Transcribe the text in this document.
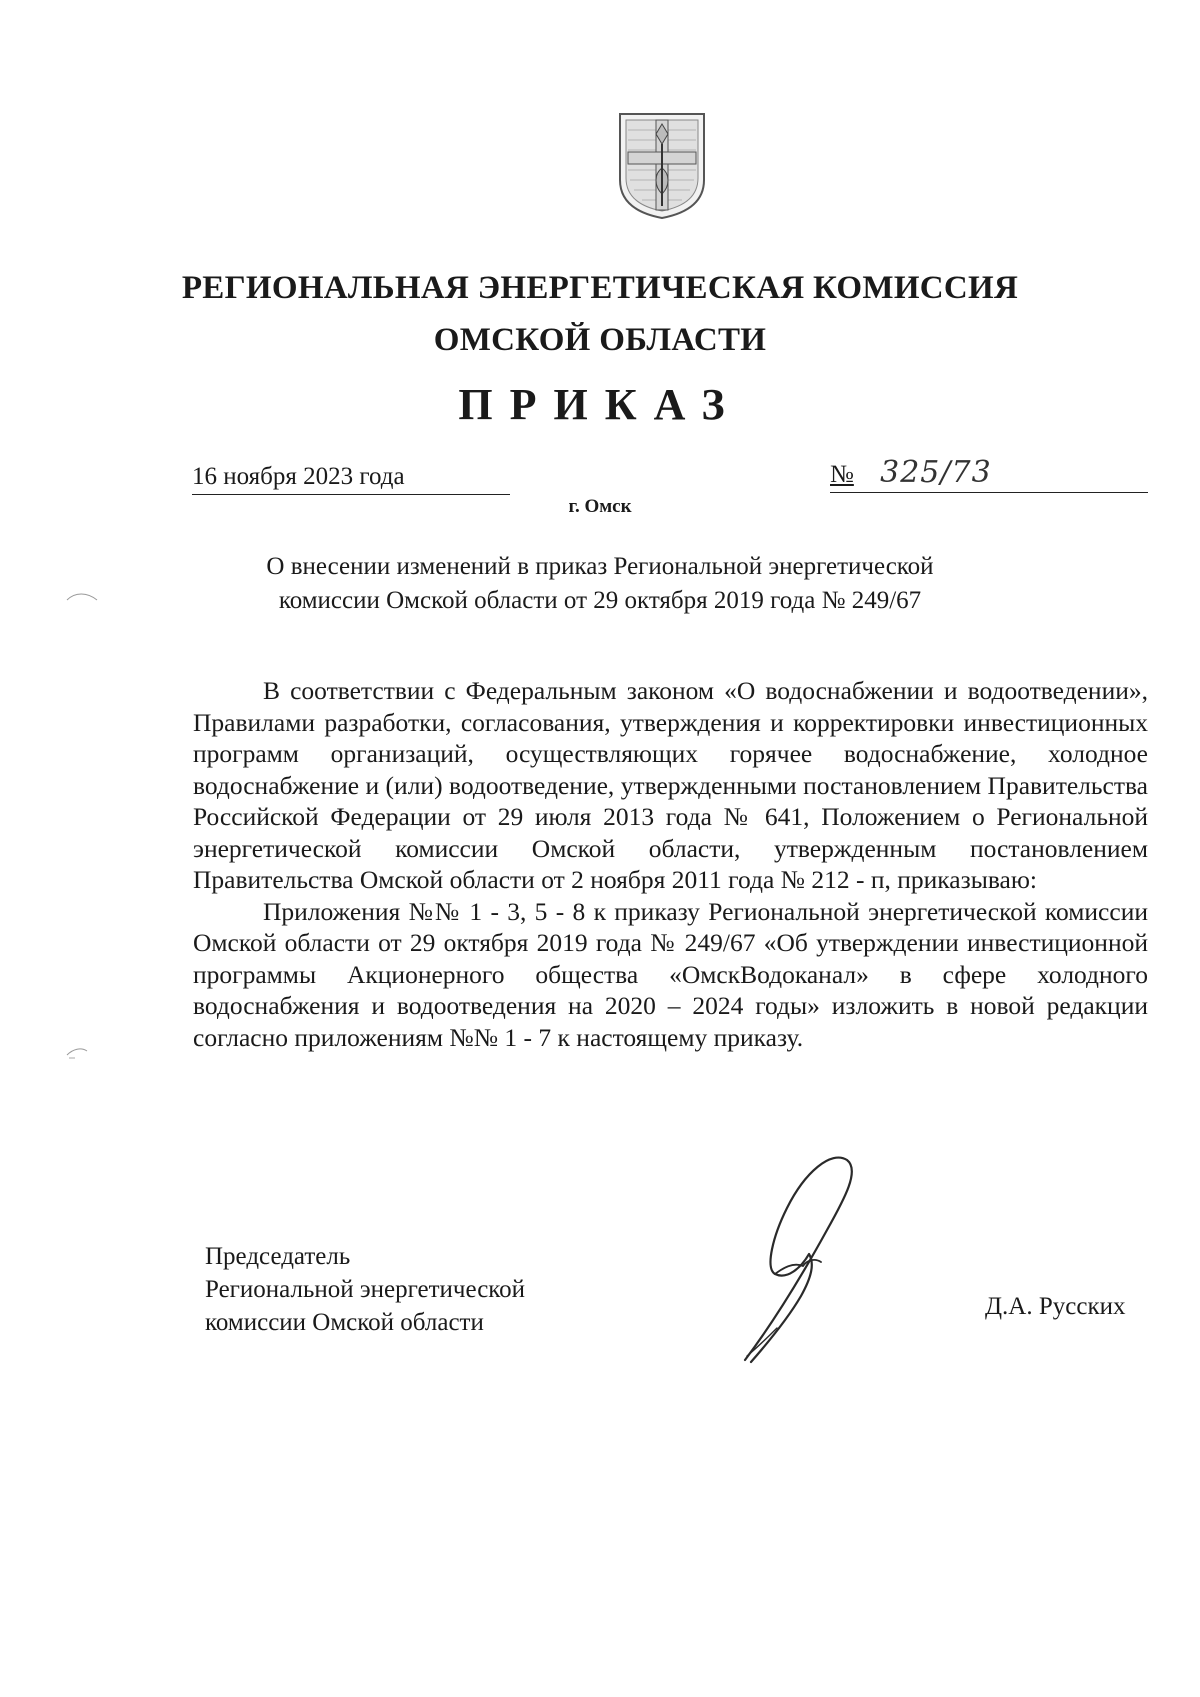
РЕГИОНАЛЬНАЯ ЭНЕРГЕТИЧЕСКАЯ КОМИССИЯ
ОМСКОЙ ОБЛАСТИ
ПРИКАЗ
16 ноября 2023 года	№ 325/73
г. Омск
О внесении изменений в приказ Региональной энергетической
комиссии Омской области от 29 октября 2019 года № 249/67

В соответствии с Федеральным законом «О водоснабжении и водоотведении», Правилами разработки, согласования, утверждения и корректировки инвестиционных программ организаций, осуществляющих горячее водоснабжение, холодное водоснабжение и (или) водоотведение, утвержденными постановлением Правительства Российской Федерации от 29 июля 2013 года № 641, Положением о Региональной энергетической комиссии Омской области, утвержденным постановлением Правительства Омской области от 2 ноября 2011 года № 212 - п, приказываю:

Приложения №№ 1 - 3, 5 - 8 к приказу Региональной энергетической комиссии Омской области от 29 октября 2019 года № 249/67 «Об утверждении инвестиционной программы Акционерного общества «ОмскВодоканал» в сфере холодного водоснабжения и водоотведения на 2020 – 2024 годы» изложить в новой редакции согласно приложениям №№ 1 - 7 к настоящему приказу.

Председатель
Региональной энергетической
комиссии Омской области
Д.А. Русских
